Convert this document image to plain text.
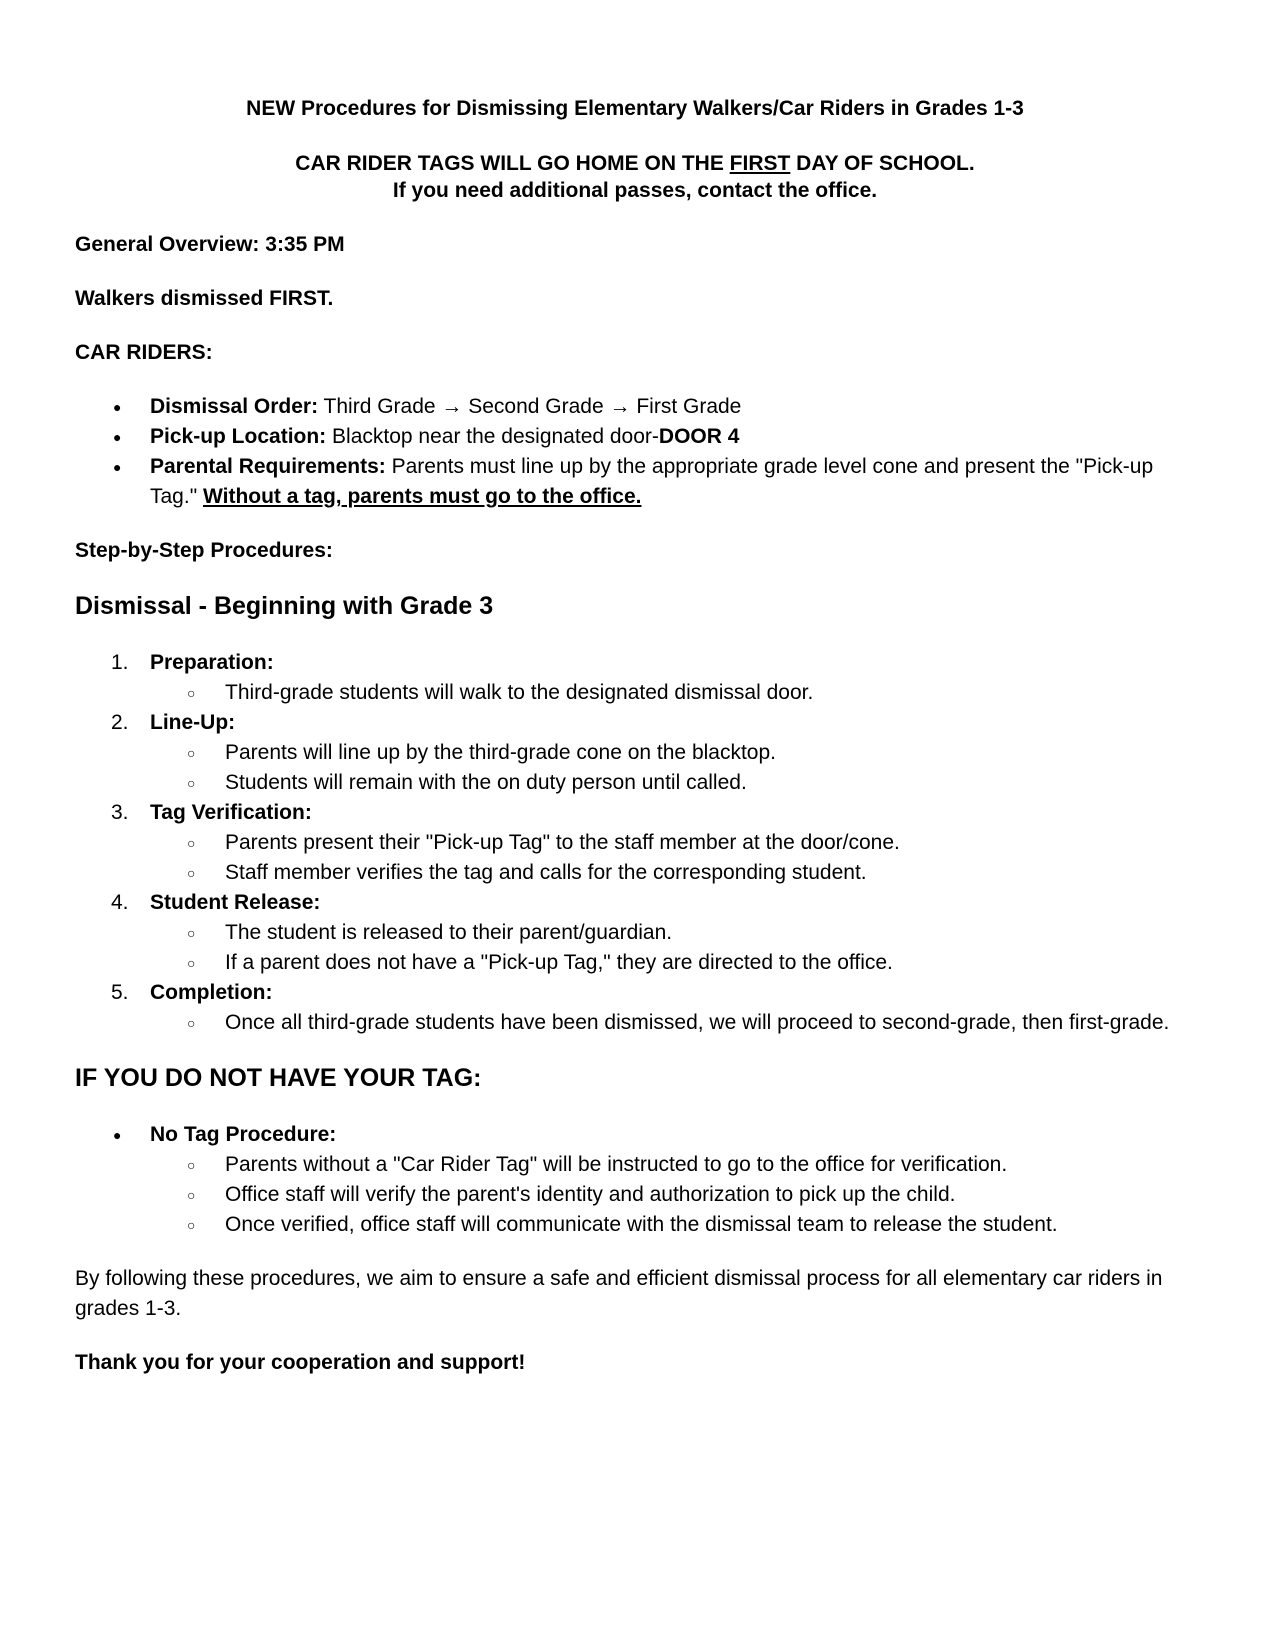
NEW Procedures for Dismissing Elementary Walkers/Car Riders in Grades 1-3
CAR RIDER TAGS WILL GO HOME ON THE FIRST DAY OF SCHOOL.
If you need additional passes, contact the office.

General Overview: 3:35 PM

Walkers dismissed FIRST.

CAR RIDERS:

● Dismissal Order: Third Grade → Second Grade → First Grade
● Pick-up Location: Blacktop near the designated door-DOOR 4
● Parental Requirements: Parents must line up by the appropriate grade level cone and present the "Pick-up Tag." Without a tag, parents must go to the office.

Step-by-Step Procedures:

Dismissal - Beginning with Grade 3
1. Preparation:
○ Third-grade students will walk to the designated dismissal door.
2. Line-Up:
○ Parents will line up by the third-grade cone on the blacktop.
○ Students will remain with the on duty person until called.
3. Tag Verification:
○ Parents present their "Pick-up Tag" to the staff member at the door/cone.
○ Staff member verifies the tag and calls for the corresponding student.
4. Student Release:
○ The student is released to their parent/guardian.
○ If a parent does not have a "Pick-up Tag," they are directed to the office.
5. Completion:
○ Once all third-grade students have been dismissed, we will proceed to second-grade, then first-grade.
IF YOU DO NOT HAVE YOUR TAG:
● No Tag Procedure:
○ Parents without a "Car Rider Tag" will be instructed to go to the office for verification.
○ Office staff will verify the parent's identity and authorization to pick up the child.
○ Once verified, office staff will communicate with the dismissal team to release the student.

By following these procedures, we aim to ensure a safe and efficient dismissal process for all elementary car riders in grades 1-3.

Thank you for your cooperation and support!
